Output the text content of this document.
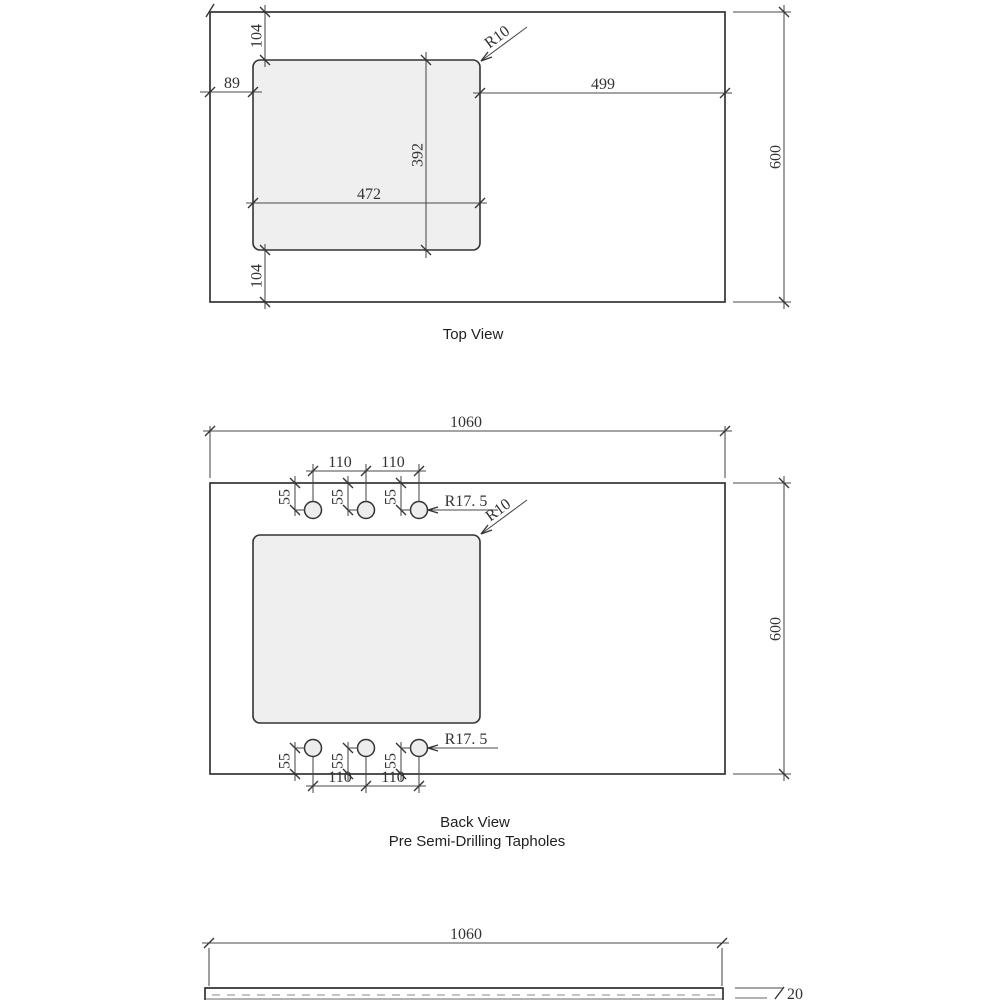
104
89	499
392
472
104
600
R10
Top View
1060
110 110
55 55 55	R17. 5
R10
600
55 55 55
R17. 5
110 110
Back View
Pre Semi-Drilling Tapholes
1060
20
